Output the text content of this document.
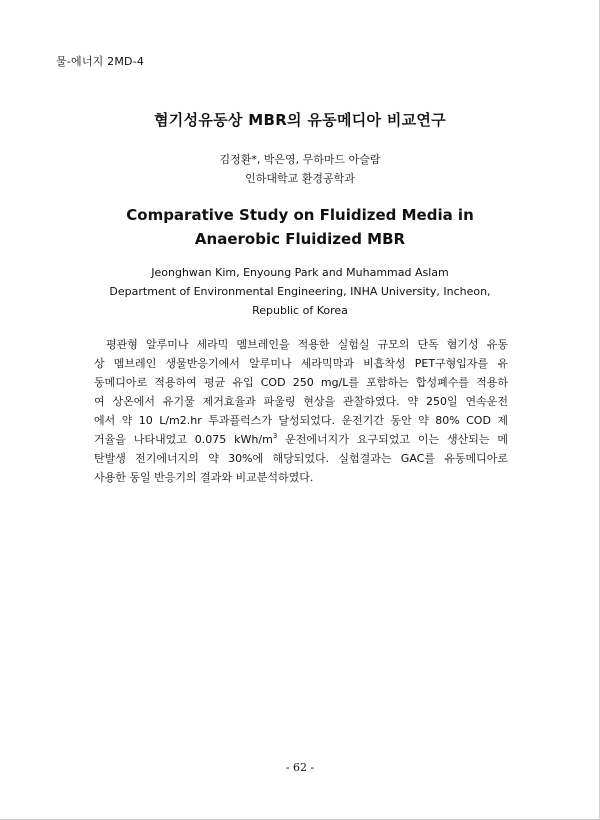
물-에너지 2MD-4
혐기성유동상 MBR의 유동메디아 비교연구
김정환*, 박은영, 무하마드 아슬람
인하대학교 환경공학과
Comparative Study on Fluidized Media in
Anaerobic Fluidized MBR
Jeonghwan Kim, Enyoung Park and Muhammad Aslam
Department of Environmental Engineering, INHA University, Incheon,
Republic of Korea
평관형 알루미나 세라믹 멤브레인을 적용한 실험실 규모의 단독 혐기성 유동
상 멤브레인 생물반응기에서 알루미나 세라믹막과 비흡착성 PET구형입자를 유
동메디아로 적용하여 평균 유입 COD 250 mg/L를 포함하는 합성폐수를 적용하
여 상온에서 유기물 제거효율과 파울링 현상을 관찰하였다. 약 250일 연속운전
에서 약 10 L/m2.hr 투과플럭스가 달성되었다. 운전기간 동안 약 80% COD 제
거율을 나타내었고 0.075 kWh/$m^3$ 운전에너지가 요구되었고 이는 생산되는 메
탄발생 전기에너지의 약 30%에 해당되었다. 실험결과는 GAC를 유동메디아로
사용한 동일 반응기의 결과와 비교분석하였다.
- 62 -
